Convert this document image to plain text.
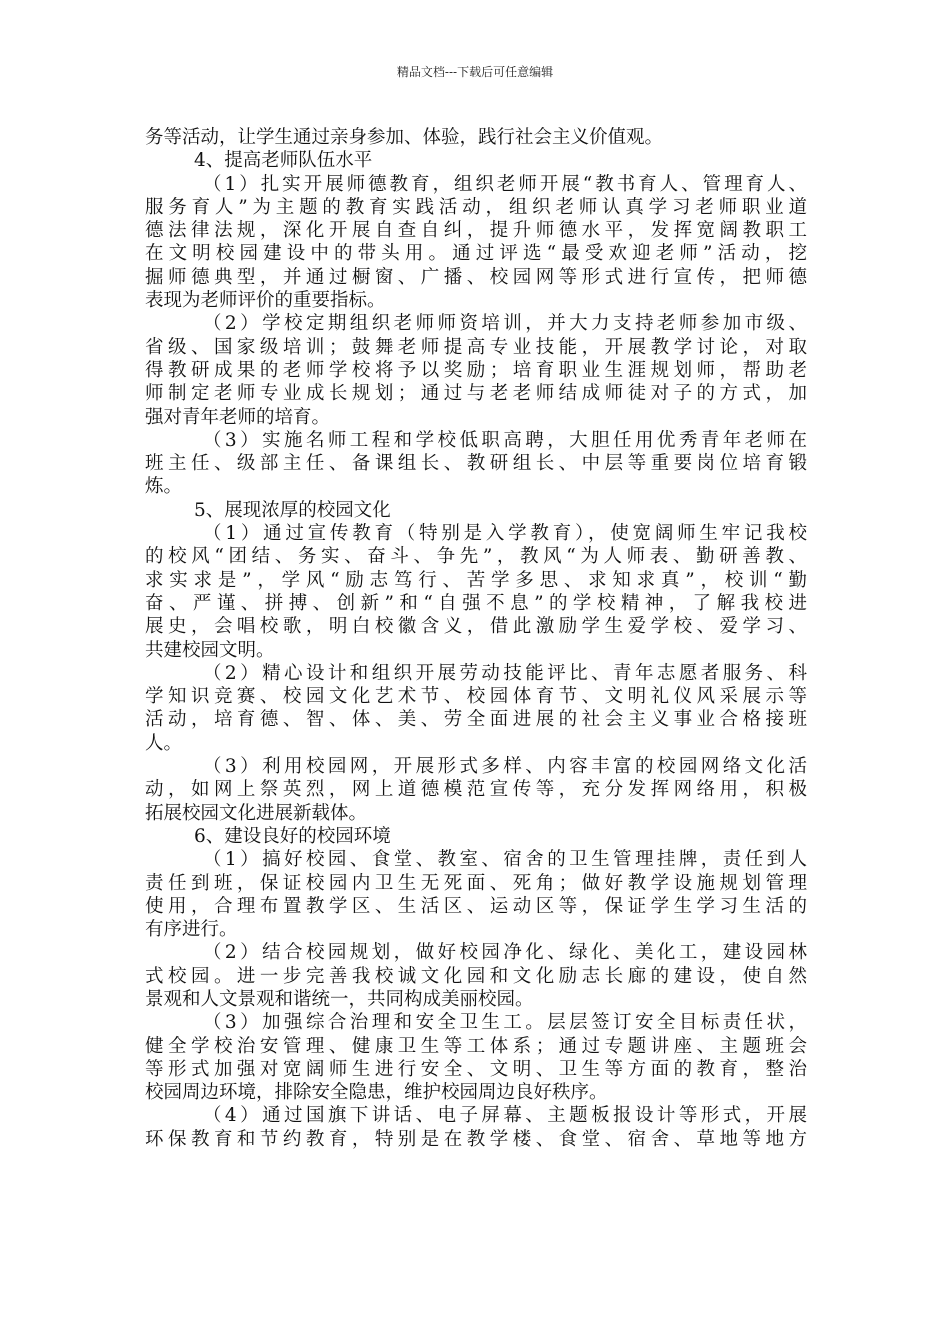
精品文档---下载后可任意编辑
务等活动，让学生通过亲身参加、体验，践行社会主义价值观。
4、提高老师队伍水平
（1）扎实开展师德教育，组织老师开展“教书育人、管理育人、
服务育人”为主题的教育实践活动，组织老师认真学习老师职业道
德法律法规，深化开展自查自纠，提升师德水平，发挥宽阔教职工
在文明校园建设中的带头用。通过评选“最受欢迎老师”活动，挖
掘师德典型，并通过橱窗、广播、校园网等形式进行宣传，把师德
表现为老师评价的重要指标。
（2）学校定期组织老师师资培训，并大力支持老师参加市级、
省级、国家级培训；鼓舞老师提高专业技能，开展教学讨论，对取
得教研成果的老师学校将予以奖励；培育职业生涯规划师，帮助老
师制定老师专业成长规划；通过与老老师结成师徒对子的方式，加
强对青年老师的培育。
（3）实施名师工程和学校低职高聘，大胆任用优秀青年老师在
班主任、级部主任、备课组长、教研组长、中层等重要岗位培育锻
炼。
5、展现浓厚的校园文化
（1）通过宣传教育（特别是入学教育），使宽阔师生牢记我校
的校风“团结、务实、奋斗、争先”，教风“为人师表、勤研善教、
求实求是”，学风“励志笃行、苦学多思、求知求真”，校训“勤
奋、严谨、拼搏、创新”和“自强不息”的学校精神，了解我校进
展史，会唱校歌，明白校徽含义，借此激励学生爱学校、爱学习、
共建校园文明。
（2）精心设计和组织开展劳动技能评比、青年志愿者服务、科
学知识竞赛、校园文化艺术节、校园体育节、文明礼仪风采展示等
活动，培育德、智、体、美、劳全面进展的社会主义事业合格接班
人。
（3）利用校园网，开展形式多样、内容丰富的校园网络文化活
动，如网上祭英烈，网上道德模范宣传等，充分发挥网络用，积极
拓展校园文化进展新载体。
6、建设良好的校园环境
（1）搞好校园、食堂、教室、宿舍的卫生管理挂牌，责任到人
责任到班，保证校园内卫生无死面、死角；做好教学设施规划管理
使用，合理布置教学区、生活区、运动区等，保证学生学习生活的
有序进行。
（2）结合校园规划，做好校园净化、绿化、美化工，建设园林
式校园。进一步完善我校诚文化园和文化励志长廊的建设，使自然
景观和人文景观和谐统一，共同构成美丽校园。
（3）加强综合治理和安全卫生工。层层签订安全目标责任状，
健全学校治安管理、健康卫生等工体系；通过专题讲座、主题班会
等形式加强对宽阔师生进行安全、文明、卫生等方面的教育，整治
校园周边环境，排除安全隐患，维护校园周边良好秩序。
（4）通过国旗下讲话、电子屏幕、主题板报设计等形式，开展
环保教育和节约教育，特别是在教学楼、食堂、宿舍、草地等地方
